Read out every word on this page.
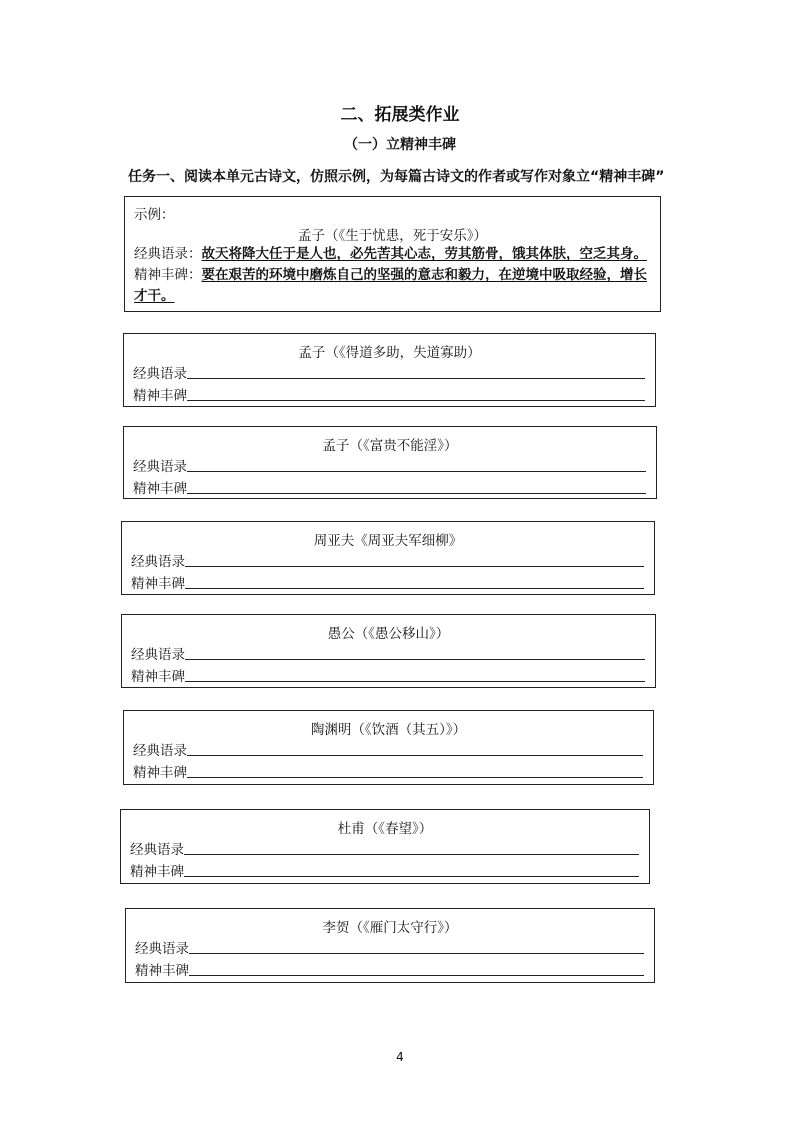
二、拓展类作业
（一）立精神丰碑
任务一、阅读本单元古诗文，仿照示例，为每篇古诗文的作者或写作对象立“精神丰碑”
示例：
孟子（《生于忧患，死于安乐》）
经典语录：故天将降大任于是人也，必先苦其心志，劳其筋骨，饿其体肤，空乏其身。
精神丰碑：要在艰苦的环境中磨炼自己的坚强的意志和毅力，在逆境中吸取经验，增长才干。
孟子（《得道多助，失道寡助）
经典语录
精神丰碑
孟子（《富贵不能淫》）
经典语录
精神丰碑
周亚夫《周亚夫军细柳》
经典语录
精神丰碑
愚公（《愚公移山》）
经典语录
精神丰碑
陶渊明（《饮酒（其五）》）
经典语录
精神丰碑
杜甫（《春望》）
经典语录
精神丰碑
李贺（《雁门太守行》）
经典语录
精神丰碑
4
